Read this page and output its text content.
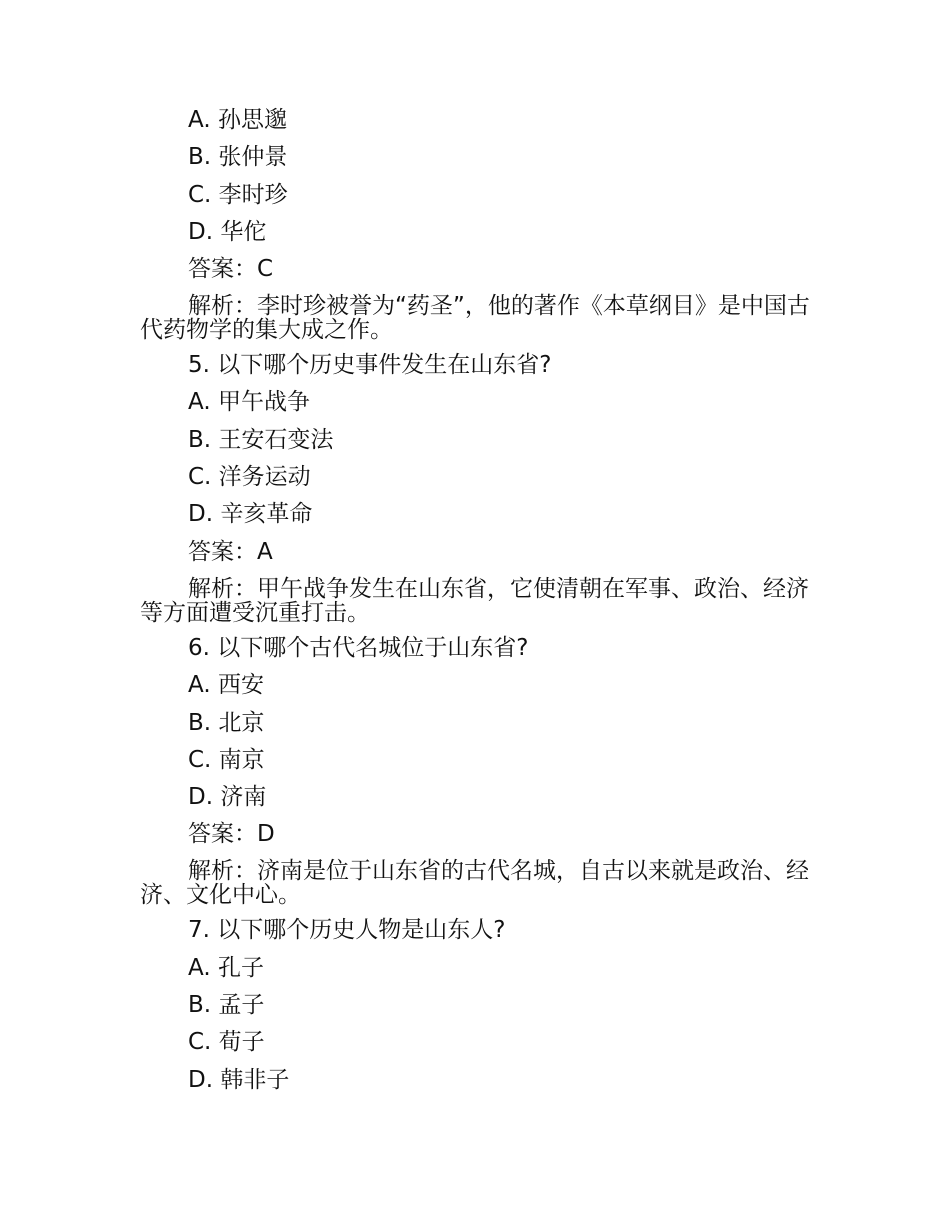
A. 孙思邈

B. 张仲景

C. 李时珍

D. 华佗

答案：C

解析：李时珍被誉为“药圣”，他的著作《本草纲目》是中国古代药物学的集大成之作。

5. 以下哪个历史事件发生在山东省?

A. 甲午战争

B. 王安石变法

C. 洋务运动

D. 辛亥革命

答案：A

解析：甲午战争发生在山东省，它使清朝在军事、政治、经济等方面遭受沉重打击。

6. 以下哪个古代名城位于山东省?

A. 西安

B. 北京

C. 南京

D. 济南

答案：D

解析：济南是位于山东省的古代名城，自古以来就是政治、经济、文化中心。

7. 以下哪个历史人物是山东人?

A. 孔子

B. 孟子

C. 荀子

D. 韩非子
